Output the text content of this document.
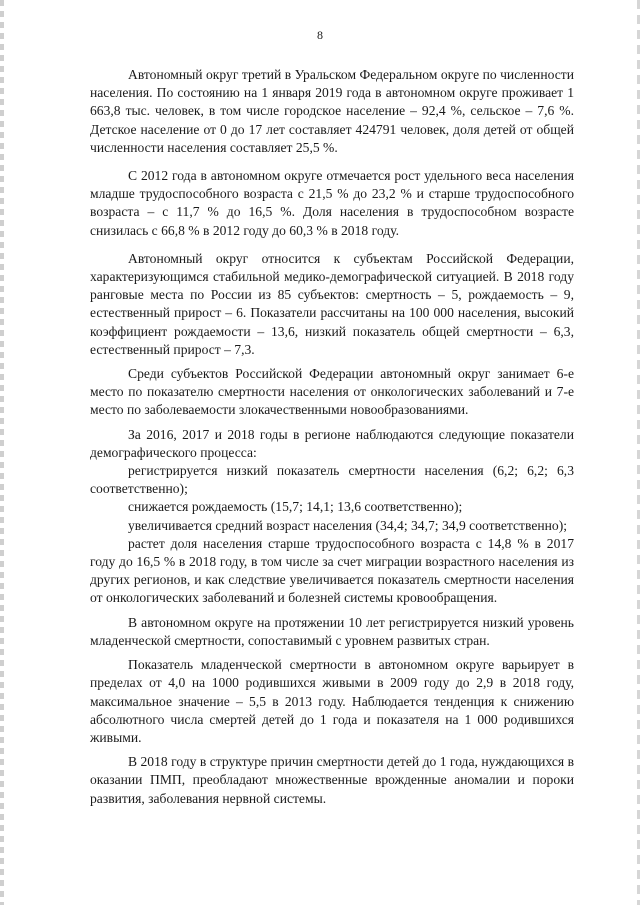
8

Автономный округ третий в Уральском Федеральном округе по численности населения. По состоянию на 1 января 2019 года в автономном округе проживает 1 663,8 тыс. человек, в том числе городское население – 92,4 %, сельское – 7,6 %. Детское население от 0 до 17 лет составляет 424791 человек, доля детей от общей численности населения составляет 25,5 %.

С 2012 года в автономном округе отмечается рост удельного веса населения младше трудоспособного возраста с 21,5 % до 23,2 % и старше трудоспособного возраста – с 11,7 % до 16,5 %. Доля населения в трудоспособном возрасте снизилась с 66,8 % в 2012 году до 60,3 % в 2018 году.

Автономный округ относится к субъектам Российской Федерации, характеризующимся стабильной медико-демографической ситуацией. В 2018 году ранговые места по России из 85 субъектов: смертность – 5, рождаемость – 9, естественный прирост – 6. Показатели рассчитаны на 100 000 населения, высокий коэффициент рождаемости – 13,6, низкий показатель общей смертности – 6,3, естественный прирост – 7,3.

Среди субъектов Российской Федерации автономный округ занимает 6-е место по показателю смертности населения от онкологических заболеваний и 7-е место по заболеваемости злокачественными новообразованиями.

За 2016, 2017 и 2018 годы в регионе наблюдаются следующие показатели демографического процесса:

регистрируется низкий показатель смертности населения (6,2; 6,2; 6,3 соответственно);

снижается рождаемость (15,7; 14,1; 13,6 соответственно);

увеличивается средний возраст населения (34,4; 34,7; 34,9 соответственно);

растет доля населения старше трудоспособного возраста с 14,8 % в 2017 году до 16,5 % в 2018 году, в том числе за счет миграции возрастного населения из других регионов, и как следствие увеличивается показатель смертности населения от онкологических заболеваний и болезней системы кровообращения.

В автономном округе на протяжении 10 лет регистрируется низкий уровень младенческой смертности, сопоставимый с уровнем развитых стран.

Показатель младенческой смертности в автономном округе варьирует в пределах от 4,0 на 1000 родившихся живыми в 2009 году до 2,9 в 2018 году, максимальное значение – 5,5 в 2013 году. Наблюдается тенденция к снижению абсолютного числа смертей детей до 1 года и показателя на 1 000 родившихся живыми.

В 2018 году в структуре причин смертности детей до 1 года, нуждающихся в оказании ПМП, преобладают множественные врожденные аномалии и пороки развития, заболевания нервной системы.
